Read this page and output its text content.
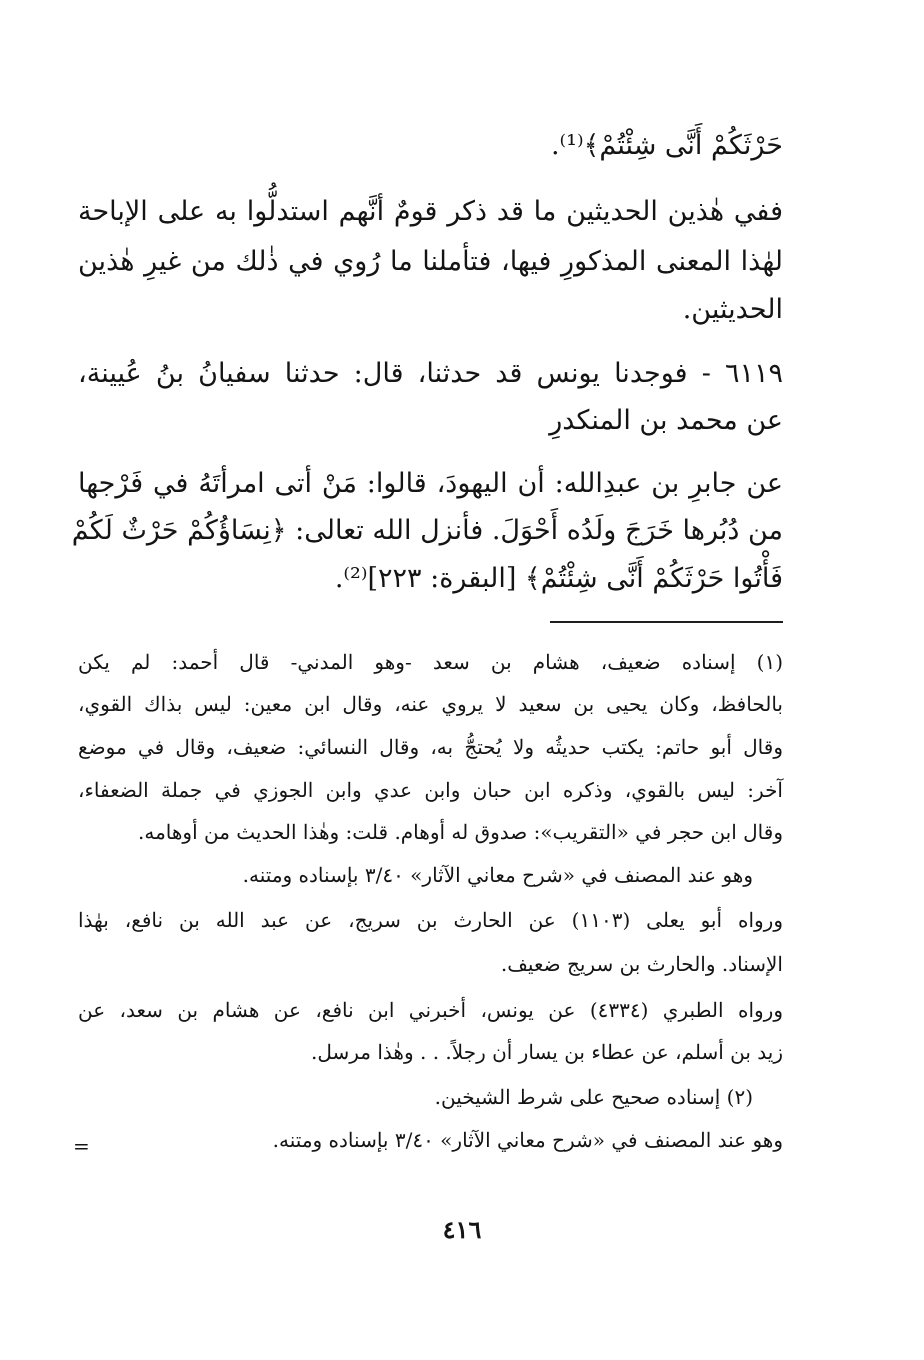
حَرْثَكُمْ أَنَّى شِئْتُمْ﴾⁽¹⁾.
ففي هٰذين الحديثين ما قد ذكر قومٌ أنَّهم استدلُّوا به على الإباحة
لهٰذا المعنى المذكورِ فيها، فتأملنا ما رُوي في ذٰلك من غيرِ هٰذين
الحديثين.
٦١١٩ - فوجدنا يونس قد حدثنا، قال: حدثنا سفيانُ بنُ عُيينة،
عن محمد بن المنكدرِ
عن جابرِ بن عبدِالله: أن اليهودَ، قالوا: مَنْ أتى امرأتَهُ في فَرْجها
من دُبُرها خَرَجَ ولَدُه أَحْوَلَ. فأنزل الله تعالى: ﴿نِسَاؤُكُمْ حَرْثٌ لَكُمْ
فَأْتُوا حَرْثَكُمْ أَنَّى شِئْتُمْ﴾ [البقرة: ٢٢٣]⁽²⁾.
(١) إسناده ضعيف، هشام بن سعد -وهو المدني- قال أحمد: لم يكن
بالحافظ، وكان يحيى بن سعيد لا يروي عنه، وقال ابن معين: ليس بذاك القوي،
وقال أبو حاتم: يكتب حديثُه ولا يُحتجُّ به، وقال النسائي: ضعيف، وقال في موضع
آخر: ليس بالقوي، وذكره ابن حبان وابن عدي وابن الجوزي في جملة الضعفاء،
وقال ابن حجر في «التقريب»: صدوق له أوهام. قلت: وهٰذا الحديث من أوهامه.
وهو عند المصنف في «شرح معاني الآثار» ٣/٤٠ بإسناده ومتنه.
ورواه أبو يعلى (١١٠٣) عن الحارث بن سريج، عن عبد الله بن نافع، بهٰذا
الإسناد. والحارث بن سريج ضعيف.
ورواه الطبري (٤٣٣٤) عن يونس، أخبرني ابن نافع، عن هشام بن سعد، عن
زيد بن أسلم، عن عطاء بن يسار أن رجلاً. . . وهٰذا مرسل.
(٢) إسناده صحيح على شرط الشيخين.
وهو عند المصنف في «شرح معاني الآثار» ٣/٤٠ بإسناده ومتنه.
=
٤١٦
